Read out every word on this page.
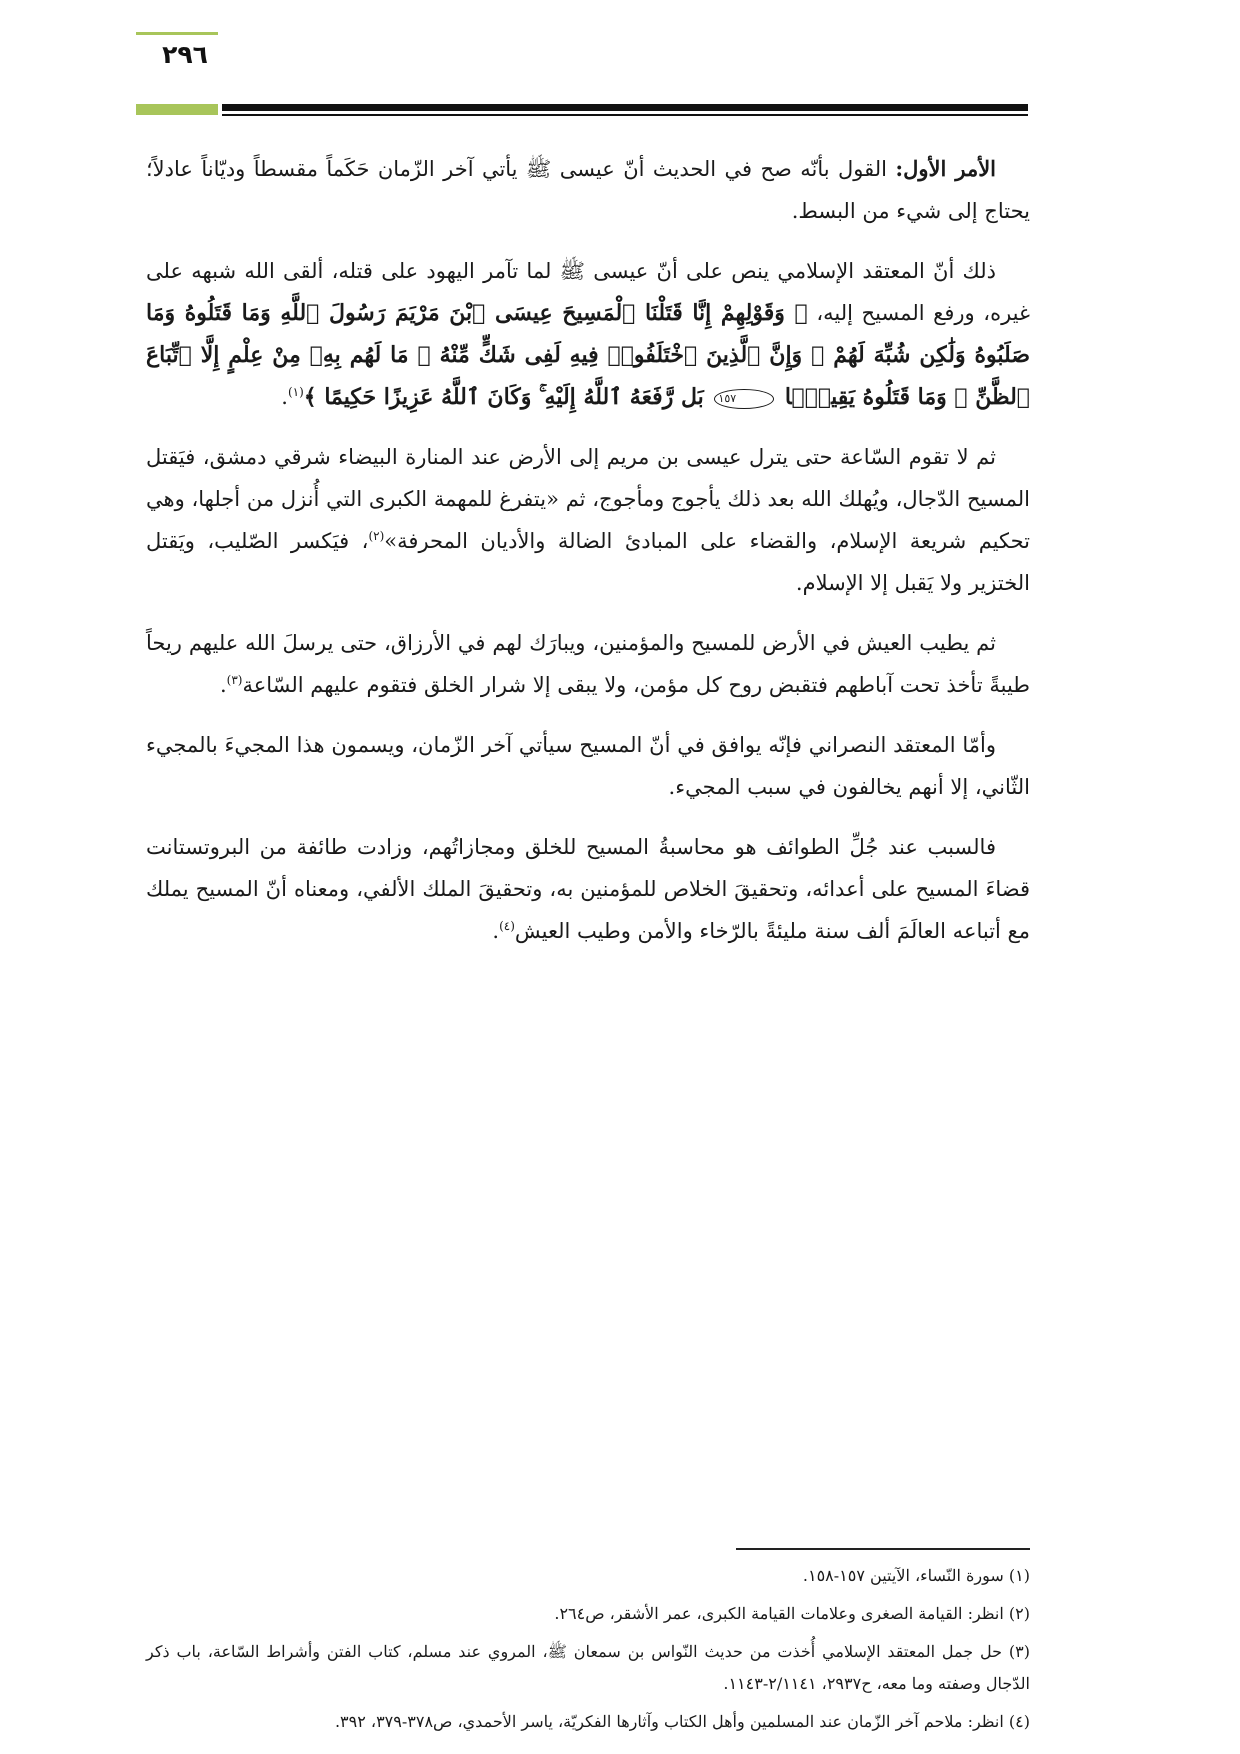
٢٩٦

الأمر الأول: القول بأنّه صح في الحديث أنّ عيسى ﷺ يأتي آخر الزّمان حَكَماً مقسطاً وديّاناً عادلاً؛ يحتاج إلى شيء من البسط.

ذلك أنّ المعتقد الإسلامي ينص على أنّ عيسى ﷺ لما تآمر اليهود على قتله، ألقى الله شبهه على غيره، ورفع المسيح إليه، ﴿ وَقَوْلِهِمْ إِنَّا قَتَلْنَا ٱلْمَسِيحَ عِيسَى ٱبْنَ مَرْيَمَ رَسُولَ ٱللَّهِ وَمَا قَتَلُوهُ وَمَا صَلَبُوهُ وَلَٰكِن شُبِّهَ لَهُمْ ۚ وَإِنَّ ٱلَّذِينَ ٱخْتَلَفُوا۟ فِيهِ لَفِى شَكٍّ مِّنْهُ ۚ مَا لَهُم بِهِۦ مِنْ عِلْمٍ إِلَّا ٱتِّبَاعَ ٱلظَّنِّ ۚ وَمَا قَتَلُوهُ يَقِينًۢا ١٥٧ بَل رَّفَعَهُ ٱللَّهُ إِلَيْهِ ۚ وَكَانَ ٱللَّهُ عَزِيزًا حَكِيمًا ﴾$^{(١)}$.

ثم لا تقوم السّاعة حتى يترل عيسى بن مريم إلى الأرض عند المنارة البيضاء شرقي دمشق، فيَقتل المسيح الدّجال، ويُهلك الله بعد ذلك يأجوج ومأجوج، ثم «يتفرغ للمهمة الكبرى التي أُنزل من أجلها، وهي تحكيم شريعة الإسلام، والقضاء على المبادئ الضالة والأديان المحرفة»$^{(٢)}$، فيَكسر الصّليب، ويَقتل الختزير ولا يَقبل إلا الإسلام.

ثم يطيب العيش في الأرض للمسيح والمؤمنين، ويبارَك لهم في الأرزاق، حتى يرسلَ الله عليهم ريحاً طيبةً تأخذ تحت آباطهم فتقبض روح كل مؤمن، ولا يبقى إلا شرار الخلق فتقوم عليهم السّاعة$^{(٣)}$.

وأمّا المعتقد النصراني فإنّه يوافق في أنّ المسيح سيأتي آخر الزّمان، ويسمون هذا المجيءَ بالمجيء الثّاني، إلا أنهم يخالفون في سبب المجيء.

فالسبب عند جُلِّ الطوائف هو محاسبةُ المسيح للخلق ومجازاتُهم، وزادت طائفة من البروتستانت قضاءَ المسيح على أعدائه، وتحقيقَ الخلاص للمؤمنين به، وتحقيقَ الملك الألفي، ومعناه أنّ المسيح يملك مع أتباعه العالَمَ ألف سنة مليئةً بالرّخاء والأمن وطيب العيش$^{(٤)}$.

(١) سورة النّساء، الآيتين ١٥٧-١٥٨.
(٢) انظر: القيامة الصغرى وعلامات القيامة الكبرى، عمر الأشقر، ص٢٦٤.
(٣) حل جمل المعتقد الإسلامي أُخذت من حديث النّواس بن سمعان ﷺ، المروي عند مسلم، كتاب الفتن وأشراط السّاعة، باب ذكر الدّجال وصفته وما معه، ح٢٩٣٧، ٢/١١٤١-١١٤٣.
(٤) انظر: ملاحم آخر الزّمان عند المسلمين وأهل الكتاب وآثارها الفكريّة، ياسر الأحمدي، ص٣٧٨-٣٧٩، ٣٩٢.
